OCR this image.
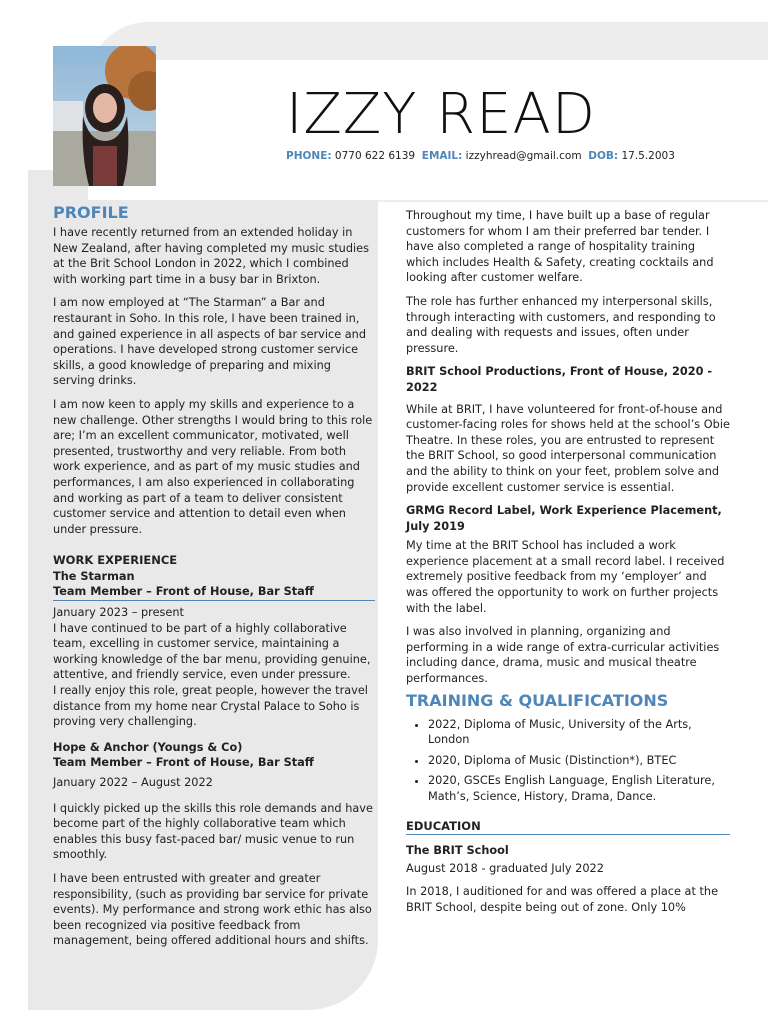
IZZY READ
PHONE: 0770 622 6139 EMAIL: izzyhread@gmail.com DOB: 17.5.2003
PROFILE

I have recently returned from an extended holiday in New Zealand, after having completed my music studies at the Brit School London in 2022, which I combined with working part time in a busy bar in Brixton.

I am now employed at “The Starman” a Bar and restaurant in Soho. In this role, I have been trained in, and gained experience in all aspects of bar service and operations. I have developed strong customer service skills, a good knowledge of preparing and mixing serving drinks.

I am now keen to apply my skills and experience to a new challenge. Other strengths I would bring to this role are; I’m an excellent communicator, motivated, well presented, trustworthy and very reliable. From both work experience, and as part of my music studies and performances, I am also experienced in collaborating and working as part of a team to deliver consistent customer service and attention to detail even when under pressure.

WORK EXPERIENCE
The Starman
Team Member – Front of House, Bar Staff
January 2023 – present
I have continued to be part of a highly collaborative team, excelling in customer service, maintaining a working knowledge of the bar menu, providing genuine, attentive, and friendly service, even under pressure.

I really enjoy this role, great people, however the travel distance from my home near Crystal Palace to Soho is proving very challenging.

Hope & Anchor (Youngs & Co)
Team Member – Front of House, Bar Staff

January 2022 – August 2022

I quickly picked up the skills this role demands and have become part of the highly collaborative team which enables this busy fast-paced bar/ music venue to run smoothly.

I have been entrusted with greater and greater responsibility, (such as providing bar service for private events). My performance and strong work ethic has also been recognized via positive feedback from management, being offered additional hours and shifts.

Throughout my time, I have built up a base of regular customers for whom I am their preferred bar tender. I have also completed a range of hospitality training which includes Health & Safety, creating cocktails and looking after customer welfare.

The role has further enhanced my interpersonal skills, through interacting with customers, and responding to and dealing with requests and issues, often under pressure.

BRIT School Productions, Front of House, 2020 - 2022

While at BRIT, I have volunteered for front-of-house and customer-facing roles for shows held at the school’s Obie Theatre. In these roles, you are entrusted to represent the BRIT School, so good interpersonal communication and the ability to think on your feet, problem solve and provide excellent customer service is essential.

GRMG Record Label, Work Experience Placement, July 2019

My time at the BRIT School has included a work experience placement at a small record label. I received extremely positive feedback from my ‘employer’ and was offered the opportunity to work on further projects with the label.

I was also involved in planning, organizing and performing in a wide range of extra-curricular activities including dance, drama, music and musical theatre performances.

TRAINING & QUALIFICATIONS
• 2022, Diploma of Music, University of the Arts, London
• 2020, Diploma of Music (Distinction*), BTEC
• 2020, GSCEs English Language, English Literature, Math’s, Science, History, Drama, Dance.
EDUCATION
The BRIT School

August 2018 - graduated July 2022

In 2018, I auditioned for and was offered a place at the BRIT School, despite being out of zone. Only 10%
